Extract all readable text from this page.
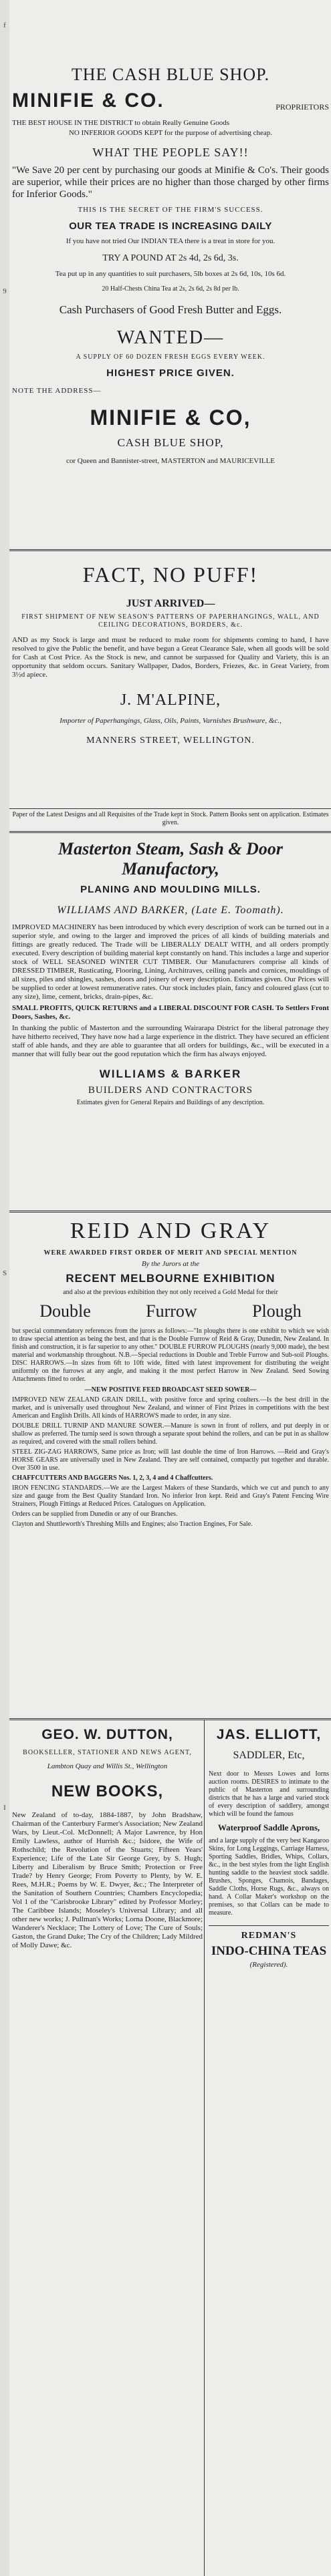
f
9
S
I

THE CASH BLUE SHOP.

MINIFIE & CO.	PROPRIETORS

THE BEST HOUSE IN THE DISTRICT to obtain Really Genuine Goods

NO INFERIOR GOODS KEPT for the purpose of advertising cheap.

WHAT THE PEOPLE SAY!!

"We Save 20 per cent by purchasing our goods at Minifie & Co's. Their goods are superior, while their prices are no higher than those charged by other firms for Inferior Goods."

THIS IS THE SECRET OF THE FIRM'S SUCCESS.

OUR TEA TRADE IS INCREASING DAILY

If you have not tried Our INDIAN TEA there is a treat in store for you.

TRY A POUND AT 2s 4d, 2s 6d, 3s.

Tea put up in any quantities to suit purchasers, 5lb boxes at 2s 6d, 10s, 10s 6d.

20 Half-Chests China Tea at 2s, 2s 6d, 2s 8d per lb.

Cash Purchasers of Good Fresh Butter and Eggs.

WANTED—

A SUPPLY OF 60 DOZEN FRESH EGGS EVERY WEEK.

HIGHEST PRICE GIVEN.

NOTE THE ADDRESS—

MINIFIE & CO,

CASH BLUE SHOP,

cor Queen and Bannister-street, MASTERTON and MAURICEVILLE

FACT, NO PUFF!

JUST ARRIVED—

FIRST SHIPMENT OF NEW SEASON'S PATTERNS OF PAPERHANGINGS, WALL, AND CEILING DECORATIONS, BORDERS, &c.

AND as my Stock is large and must be reduced to make room for shipments coming to hand, I have resolved to give the Public the benefit, and have begun a Great Clearance Sale, when all goods will be sold for Cash at Cost Price. As the Stock is new, and cannot be surpassed for Quality and Variety, this is an opportunity that seldom occurs. Sanitary Wallpaper, Dados, Borders, Friezes, &c. in Great Variety, from 3½d apiece.

J. M'ALPINE,

Importer of Paperhangings, Glass, Oils, Paints, Varnishes Brushware, &c.,

MANNERS STREET, WELLINGTON.

Paper of the Latest Designs and all Requisites of the Trade kept in Stock. Pattern Books sent on application. Estimates given.

Masterton Steam, Sash & Door Manufactory,

PLANING AND MOULDING MILLS.

WILLIAMS AND BARKER, (Late E. Toomath).

IMPROVED MACHINERY has been introduced by which every description of work can be turned out in a superior style, and owing to the larger and improved the prices of all kinds of building materials and fittings are greatly reduced. The Trade will be LIBERALLY DEALT WITH, and all orders promptly executed. Every description of building material kept constantly on hand. This includes a large and superior stock of WELL SEASONED WINTER CUT TIMBER. Our Manufacturers comprise all kinds of DRESSED TIMBER, Rusticating, Flooring, Lining, Architraves, ceiling panels and cornices, mouldings of all sizes, piles and shingles, sashes, doors and joinery of every description. Estimates given. Our Prices will be supplied to order at lowest remunerative rates. Our stock includes plain, fancy and coloured glass (cut to any size), lime, cement, bricks, drain-pipes, &c.

SMALL PROFITS, QUICK RETURNS and a LIBERAL DISCOUNT FOR CASH. To Settlers Front Doors, Sashes, &c.

In thanking the public of Masterton and the surrounding Wairarapa District for the liberal patronage they have hitherto received, They have now had a large experience in the district. They have secured an efficient staff of able hands, and they are able to guarantee that all orders for buildings, &c., will be executed in a manner that will fully bear out the good reputation which the firm has always enjoyed.

WILLIAMS & BARKER

BUILDERS AND CONTRACTORS

Estimates given for General Repairs and Buildings of any description.

REID AND GRAY

WERE AWARDED FIRST ORDER OF MERIT AND SPECIAL MENTION

By the Jurors at the

RECENT MELBOURNE EXHIBITION

and also at the previous exhibition they not only received a Gold Medal for their

Double	Furrow	Plough

but special commendatory references from the jurors as follows:—"In ploughs there is one exhibit to which we wish to draw special attention as being the best, and that is the Double Furrow of Reid & Gray, Dunedin, New Zealand. In finish and construction, it is far superior to any other." DOUBLE FURROW PLOUGHS (nearly 9,000 made), the best material and workmanship throughout. N.B.—Special reductions in Double and Treble Furrow and Sub-soil Ploughs. DISC HARROWS.—In sizes from 6ft to 10ft wide, fitted with latest improvement for distributing the weight uniformly on the furrows at any angle, and making it the most perfect Harrow in New Zealand. Seed Sowing Attachments fitted to order.

—NEW POSITIVE FEED BROADCAST SEED SOWER—

IMPROVED NEW ZEALAND GRAIN DRILL, with positive force and spring coulters.—Is the best drill in the market, and is universally used throughout New Zealand, and winner of First Prizes in competitions with the best American and English Drills. All kinds of HARROWS made to order, in any size.

DOUBLE DRILL TURNIP AND MANURE SOWER.—Manure is sown in front of rollers, and put deeply in or shallow as preferred. The turnip seed is sown through a separate spout behind the rollers, and can be put in as shallow as required, and covered with the small rollers behind.

STEEL ZIG-ZAG HARROWS, Same price as Iron; will last double the time of Iron Harrows. —Reid and Gray's HORSE GEARS are universally used in New Zealand. They are self contained, compactly put together and durable. Over 3500 in use.

CHAFFCUTTERS AND BAGGERS Nos. 1, 2, 3, 4 and 4 Chaffcutters.

IRON FENCING STANDARDS.—We are the Largest Makers of these Standards, which we cut and punch to any size and gauge from the Best Quality Standard Iron. No inferior Iron kept. Reid and Gray's Patent Fencing Wire Strainers, Plough Fittings at Reduced Prices. Catalogues on Application.

Orders can be supplied from Dunedin or any of our Branches.

Clayton and Shuttleworth's Threshing Mills and Engines; also Traction Engines, For Sale.

GEO. W. DUTTON,

BOOKSELLER, STATIONER AND NEWS AGENT,

Lambton Quay and Willis St., Wellington

NEW BOOKS,

New Zealand of to-day, 1884-1887, by John Bradshaw, Chairman of the Canterbury Farmer's Association; New Zealand Wars, by Lieut.-Col. McDonnell; A Major Lawrence, by Hon Emily Lawless, author of Hurrish &c.; Isidore, the Wife of Rothschild; the Revolution of the Stuarts; Fifteen Years' Experience; Life of the Late Sir George Grey, by S. Hugh; Liberty and Liberalism by Bruce Smith; Protection or Free Trade? by Henry George; From Poverty to Plenty, by W. E. Rees, M.H.R.; Poems by W. E. Dwyer, &c.; The Interpreter of the Sanitation of Southern Countries; Chambers Encyclopedia; Vol 1 of the "Carisbrooke Library" edited by Professor Morley; The Caribbee Islands; Moseley's Universal Library; and all other new works; J. Pullman's Works; Lorna Doone, Blackmore; Wanderer's Necklace; The Lottery of Love; The Cure of Souls; Gaston, the Grand Duke; The Cry of the Children; Lady Mildred of Molly Dawe; &c.

JAS. ELLIOTT,

SADDLER, Etc,

Next door to Messrs Lowes and Iorns auction rooms. DESIRES to intimate to the public of Masterton and surrounding districts that he has a large and varied stock of every description of saddlery, amongst which will be found the famous

Waterproof Saddle Aprons,

and a large supply of the very best Kangaroo Skins, for Long Leggings, Carriage Harness, Sporting Saddles, Bridles, Whips, Collars, &c., in the best styles from the light English hunting saddle to the heaviest stock saddle. Brushes, Sponges, Chamois, Bandages, Saddle Cloths, Horse Rugs, &c., always on hand. A Collar Maker's workshop on the premises, so that Collars can be made to measure.

REDMAN'S

INDO-CHINA TEAS

(Registered).
